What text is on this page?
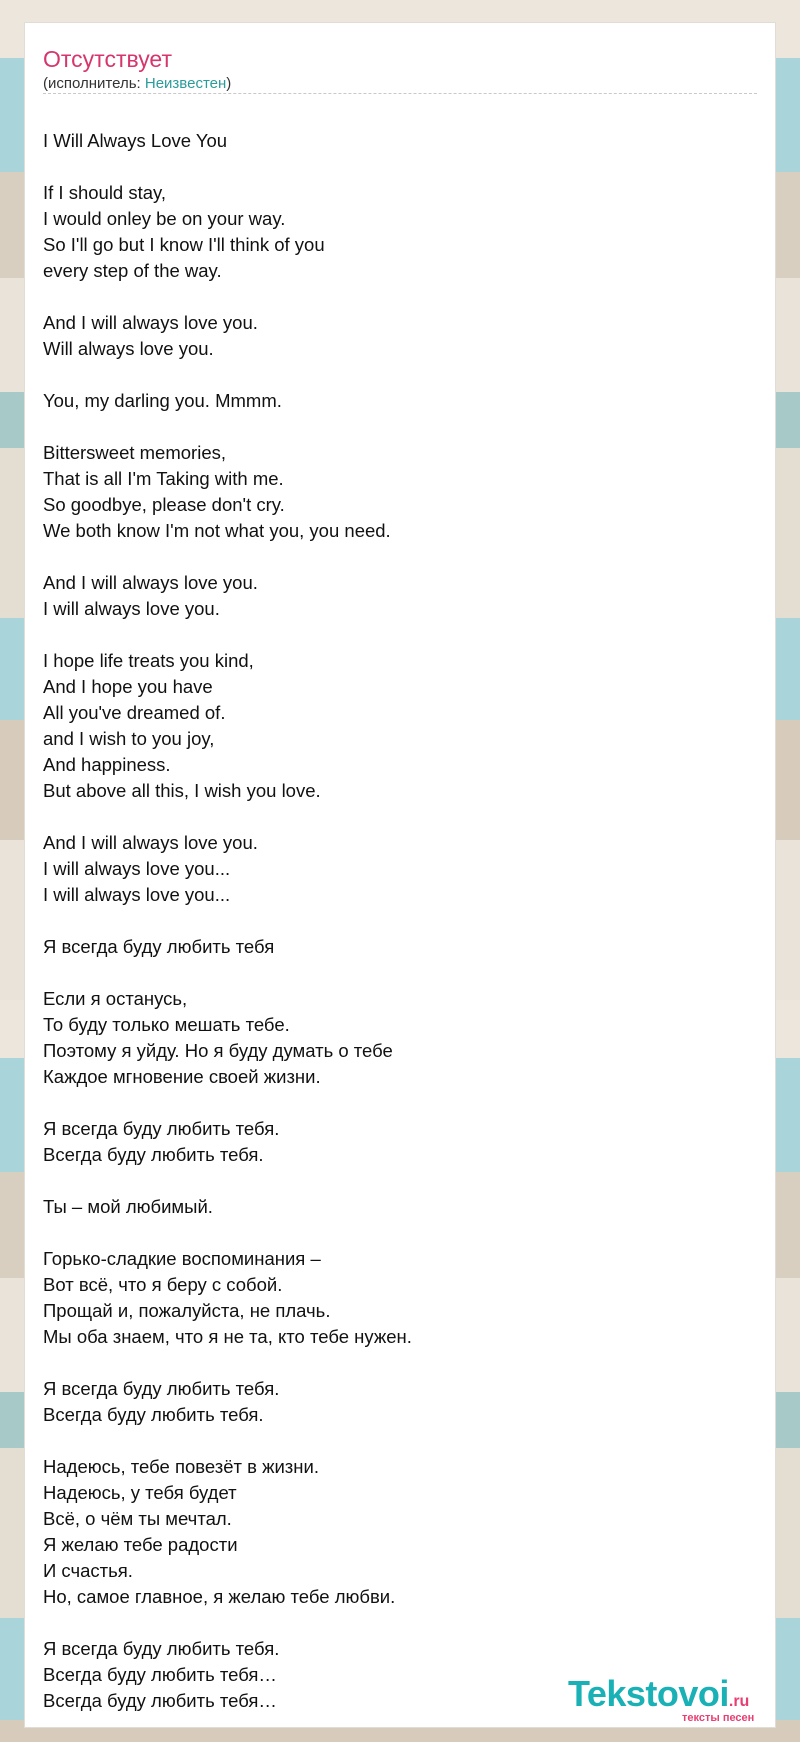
Отсутствует
(исполнитель: Неизвестен)
I Will Always Love You
If I should stay,
I would onley be on your way.
So I'll go but I know I'll think of you
every step of the way.
And I will always love you.
Will always love you.
You, my darling you. Mmmm.
Bittersweet memories,
That is all I'm Taking with me.
So goodbye, please don't cry.
We both know I'm not what you, you need.
And I will always love you.
I will always love you.
I hope life treats you kind,
And I hope you have
All you've dreamed of.
and I wish to you joy,
And happiness.
But above all this, I wish you love.
And I will always love you.
I will always love you...
I will always love you...
Я всегда буду любить тебя
Если я останусь,
То буду только мешать тебе.
Поэтому я уйду. Но я буду думать о тебе
Каждое мгновение своей жизни.
Я всегда буду любить тебя.
Всегда буду любить тебя.
Ты – мой любимый.
Горько-сладкие воспоминания –
Вот всё, что я беру с собой.
Прощай и, пожалуйста, не плачь.
Мы оба знаем, что я не та, кто тебе нужен.
Я всегда буду любить тебя.
Всегда буду любить тебя.
Надеюсь, тебе повезёт в жизни.
Надеюсь, у тебя будет
Всё, о чём ты мечтал.
Я желаю тебе радости
И счастья.
Но, самое главное, я желаю тебе любви.
Я всегда буду любить тебя.
Всегда буду любить тебя…
Всегда буду любить тебя…	Tekstovoi.ru
тексты песен
